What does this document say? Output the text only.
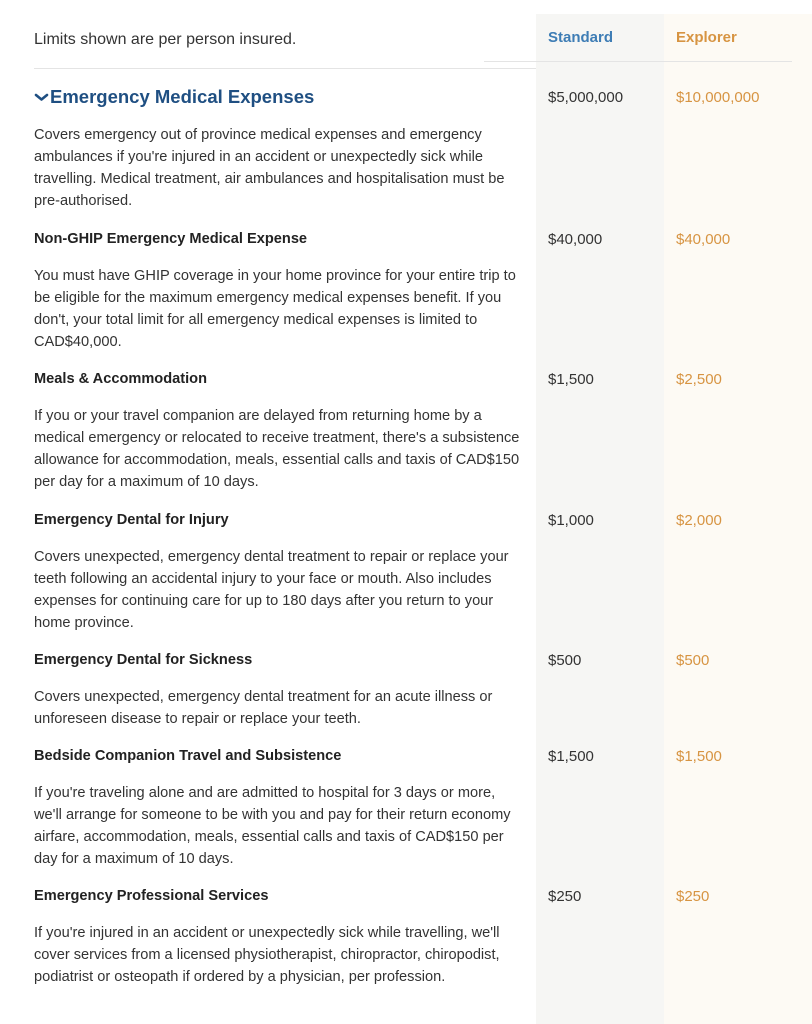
Limits shown are per person insured.	Standard	Explorer
Emergency Medical Expenses	$5,000,000	$10,000,000

Covers emergency out of province medical expenses and emergency ambulances if you're injured in an accident or unexpectedly sick while travelling. Medical treatment, air ambulances and hospitalisation must be pre-authorised.

Non-GHIP Emergency Medical Expense	$40,000	$40,000

You must have GHIP coverage in your home province for your entire trip to be eligible for the maximum emergency medical expenses benefit. If you don't, your total limit for all emergency medical expenses is limited to CAD$40,000.

Meals & Accommodation	$1,500	$2,500

If you or your travel companion are delayed from returning home by a medical emergency or relocated to receive treatment, there's a subsistence allowance for accommodation, meals, essential calls and taxis of CAD$150 per day for a maximum of 10 days.

Emergency Dental for Injury	$1,000	$2,000

Covers unexpected, emergency dental treatment to repair or replace your teeth following an accidental injury to your face or mouth. Also includes expenses for continuing care for up to 180 days after you return to your home province.

Emergency Dental for Sickness	$500	$500

Covers unexpected, emergency dental treatment for an acute illness or unforeseen disease to repair or replace your teeth.

Bedside Companion Travel and Subsistence	$1,500	$1,500

If you're traveling alone and are admitted to hospital for 3 days or more, we'll arrange for someone to be with you and pay for their return economy airfare, accommodation, meals, essential calls and taxis of CAD$150 per day for a maximum of 10 days.

Emergency Professional Services	$250	$250

If you're injured in an accident or unexpectedly sick while travelling, we'll cover services from a licensed physiotherapist, chiropractor, chiropodist, podiatrist or osteopath if ordered by a physician, per profession.
